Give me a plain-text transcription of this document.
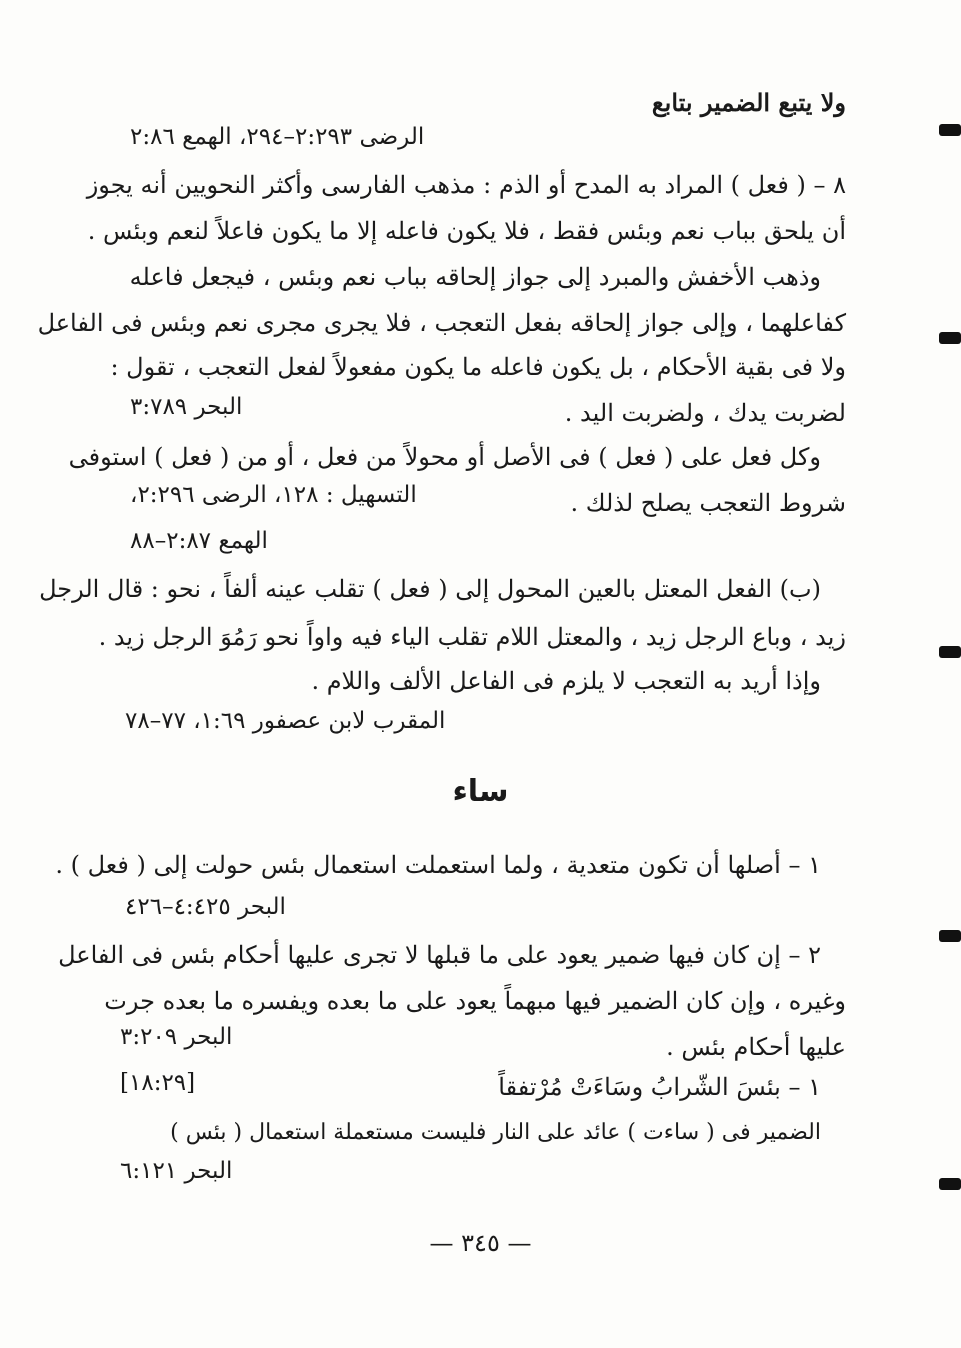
ولا يتبع الضمير بتابع
الرضى ٢:٢٩٣–٢٩٤، الهمع ٢:٨٦
٨ – ( فعل ) المراد به المدح أو الذم : مذهب الفارسى وأكثر النحويين أنه يجوز
أن يلحق بباب نعم وبئس فقط ، فلا يكون فاعله إلا ما يكون فاعلاً لنعم وبئس .
وذهب الأخفش والمبرد إلى جواز إلحاقه بباب نعم وبئس ، فيجعل فاعله
كفاعلهما ، وإلى جواز إلحاقه بفعل التعجب ، فلا يجرى مجرى نعم وبئس فى الفاعل
ولا فى بقية الأحكام ، بل يكون فاعله ما يكون مفعولاً لفعل التعجب ، تقول :
لضربت يدك ، ولضربت اليد .
البحر ٣:٧٨٩
وكل فعل على ( فعل ) فى الأصل أو محولاً من فعل ، أو من ( فعل ) استوفى
شروط التعجب يصلح لذلك .
التسهيل : ١٢٨، الرضى ٢:٢٩٦،
الهمع ٢:٨٧–٨٨
(ب) الفعل المعتل بالعين المحول إلى ( فعل ) تقلب عينه ألفاً ، نحو : قال الرجل
زيد ، وباع الرجل زيد ، والمعتل اللام تقلب الياء فيه واواً نحو رَمُوَ الرجل زيد .
وإذا أريد به التعجب لا يلزم فى الفاعل الألف واللام .
المقرب لابن عصفور ١:٦٩، ٧٧–٧٨
ساء
١ – أصلها أن تكون متعدية ، ولما استعملت استعمال بئس حولت إلى ( فعل ) .
البحر ٤:٤٢٥–٤٢٦
٢ – إن كان فيها ضمير يعود على ما قبلها لا تجرى عليها أحكام بئس فى الفاعل
وغيره ، وإن كان الضمير فيها مبهماً يعود على ما بعده ويفسره ما بعده جرت
عليها أحكام بئس .
البحر ٣:٢٠٩
١ – بئسَ الشّرابُ وسَاءَتْ مُرْتفقاً
[١٨:٢٩]
الضمير فى ( ساءت ) عائد على النار فليست مستعملة استعمال ( بئس )
البحر ٦:١٢١
— ٣٤٥ —
